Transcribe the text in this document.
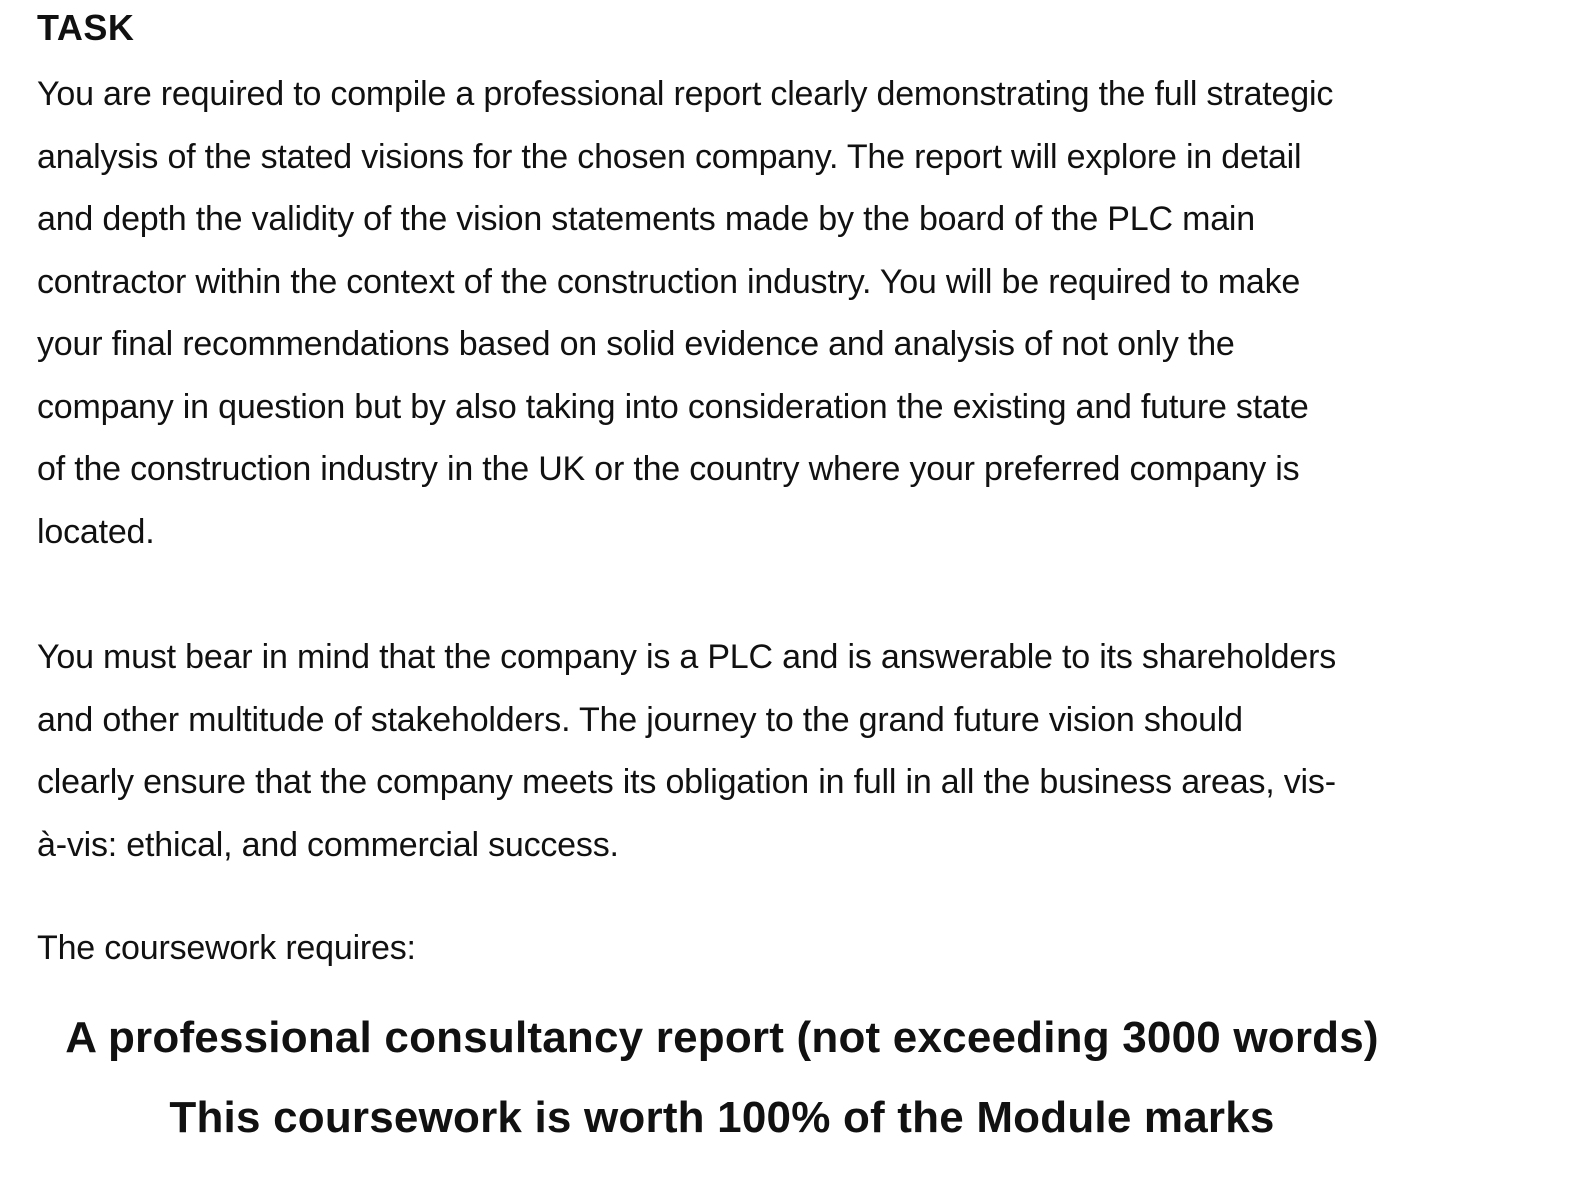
TASK

You are required to compile a professional report clearly demonstrating the full strategic

analysis of the stated visions for the chosen company. The report will explore in detail

and depth the validity of the vision statements made by the board of the PLC main

contractor within the context of the construction industry. You will be required to make

your final recommendations based on solid evidence and analysis of not only the

company in question but by also taking into consideration the existing and future state

of the construction industry in the UK or the country where your preferred company is

located.

You must bear in mind that the company is a PLC and is answerable to its shareholders

and other multitude of stakeholders. The journey to the grand future vision should

clearly ensure that the company meets its obligation in full in all the business areas, vis-

à-vis: ethical, and commercial success.

The coursework requires:

A professional consultancy report (not exceeding 3000 words)

This coursework is worth 100% of the Module marks
